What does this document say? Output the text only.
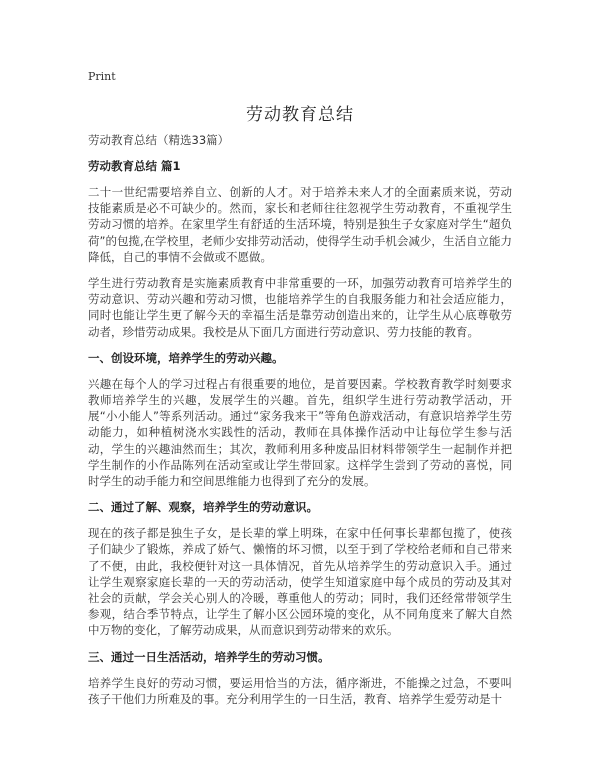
Print
劳动教育总结

劳动教育总结（精选33篇）

劳动教育总结 篇1

二十一世纪需要培养自立、创新的人才。对于培养未来人才的全面素质来说，劳动技能素质是必不可缺少的。然而，家长和老师往往忽视学生劳动教育，不重视学生劳动习惯的培养。在家里学生有舒适的生活环境，特别是独生子女家庭对学生“超负荷”的包揽,在学校里，老师少安排劳动活动，使得学生动手机会减少，生活自立能力降低，自己的事情不会做或不愿做。

学生进行劳动教育是实施素质教育中非常重要的一环，加强劳动教育可培养学生的劳动意识、劳动兴趣和劳动习惯，也能培养学生的自我服务能力和社会适应能力，同时也能让学生更了解今天的幸福生活是靠劳动创造出来的，让学生从心底尊敬劳动者，珍惜劳动成果。我校是从下面几方面进行劳动意识、劳力技能的教育。

一、创设环境，培养学生的劳动兴趣。

兴趣在每个人的学习过程占有很重要的地位，是首要因素。学校教育教学时刻要求教师培养学生的兴趣，发展学生的兴趣。首先，组织学生进行劳动教学活动，开展“小小能人”等系列活动。通过“家务我来干”等角色游戏活动，有意识培养学生劳动能力，如种植树浇水实践性的活动，教师在具体操作活动中让每位学生参与活动，学生的兴趣油然而生；其次，教师利用多种废品旧材料带领学生一起制作并把学生制作的小作品陈列在活动室或让学生带回家。这样学生尝到了劳动的喜悦，同时学生的动手能力和空间思维能力也得到了充分的发展。

二、通过了解、观察，培养学生的劳动意识。

现在的孩子都是独生子女，是长辈的掌上明珠，在家中任何事长辈都包揽了，使孩子们缺少了锻炼，养成了娇气、懒惰的坏习惯，以至于到了学校给老师和自己带来了不便，由此，我校便针对这一具体情况，首先从培养学生的劳动意识入手。通过让学生观察家庭长辈的一天的劳动活动，使学生知道家庭中每个成员的劳动及其对社会的贡献，学会关心别人的冷暖，尊重他人的劳动；同时，我们还经常带领学生参观，结合季节特点，让学生了解小区公园环境的变化，从不同角度来了解大自然中万物的变化，了解劳动成果，从而意识到劳动带来的欢乐。

三、通过一日生活活动，培养学生的劳动习惯。

培养学生良好的劳动习惯，要运用恰当的方法，循序渐进，不能操之过急，不要叫孩子干他们力所难及的事。充分利用学生的一日生活，教育、培养学生爱劳动是十
